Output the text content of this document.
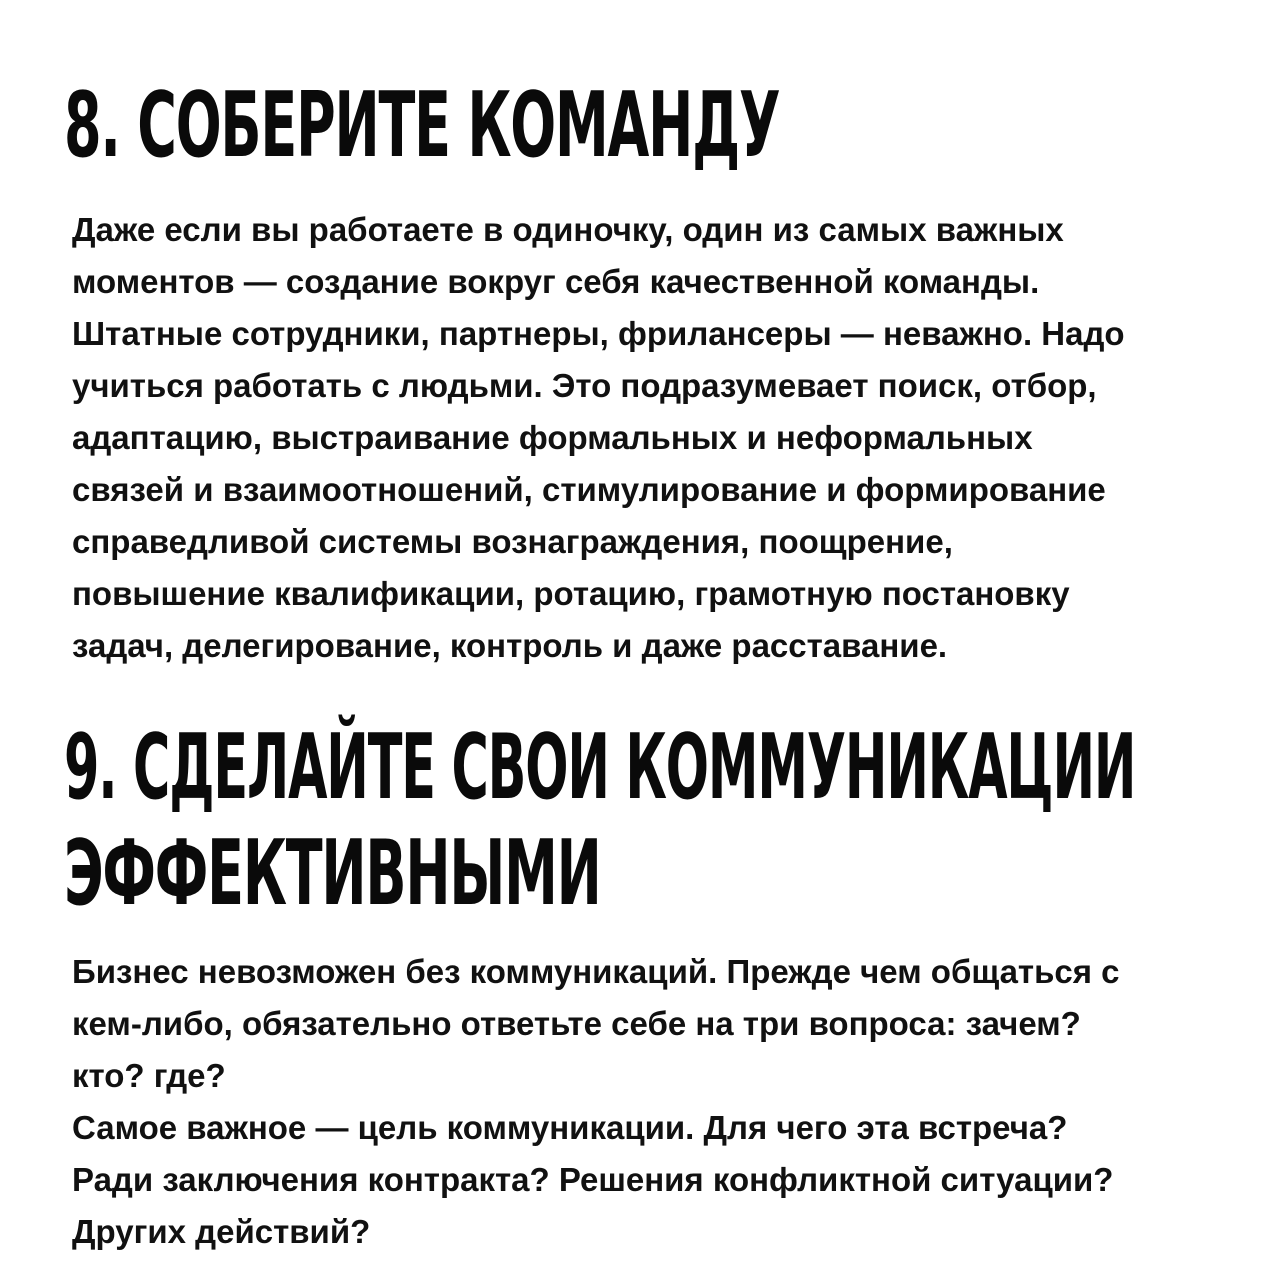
8. СОБЕРИТЕ КОМАНДУ
Даже если вы работаете в одиночку, один из самых важных
моментов — создание вокруг себя качественной команды.
Штатные сотрудники, партнеры, фрилансеры — неважно. Надо
учиться работать с людьми. Это подразумевает поиск, отбор,
адаптацию, выстраивание формальных и неформальных
связей и взаимоотношений, стимулирование и формирование
справедливой системы вознаграждения, поощрение,
повышение квалификации, ротацию, грамотную постановку
задач, делегирование, контроль и даже расставание.
9. СДЕЛАЙТЕ СВОИ КОММУНИКАЦИИ
ЭФФЕКТИВНЫМИ
Бизнес невозможен без коммуникаций. Прежде чем общаться с
кем-либо, обязательно ответьте себе на три вопроса: зачем?
кто? где?
Самое важное — цель коммуникации. Для чего эта встреча?
Ради заключения контракта? Решения конфликтной ситуации?
Других действий?
